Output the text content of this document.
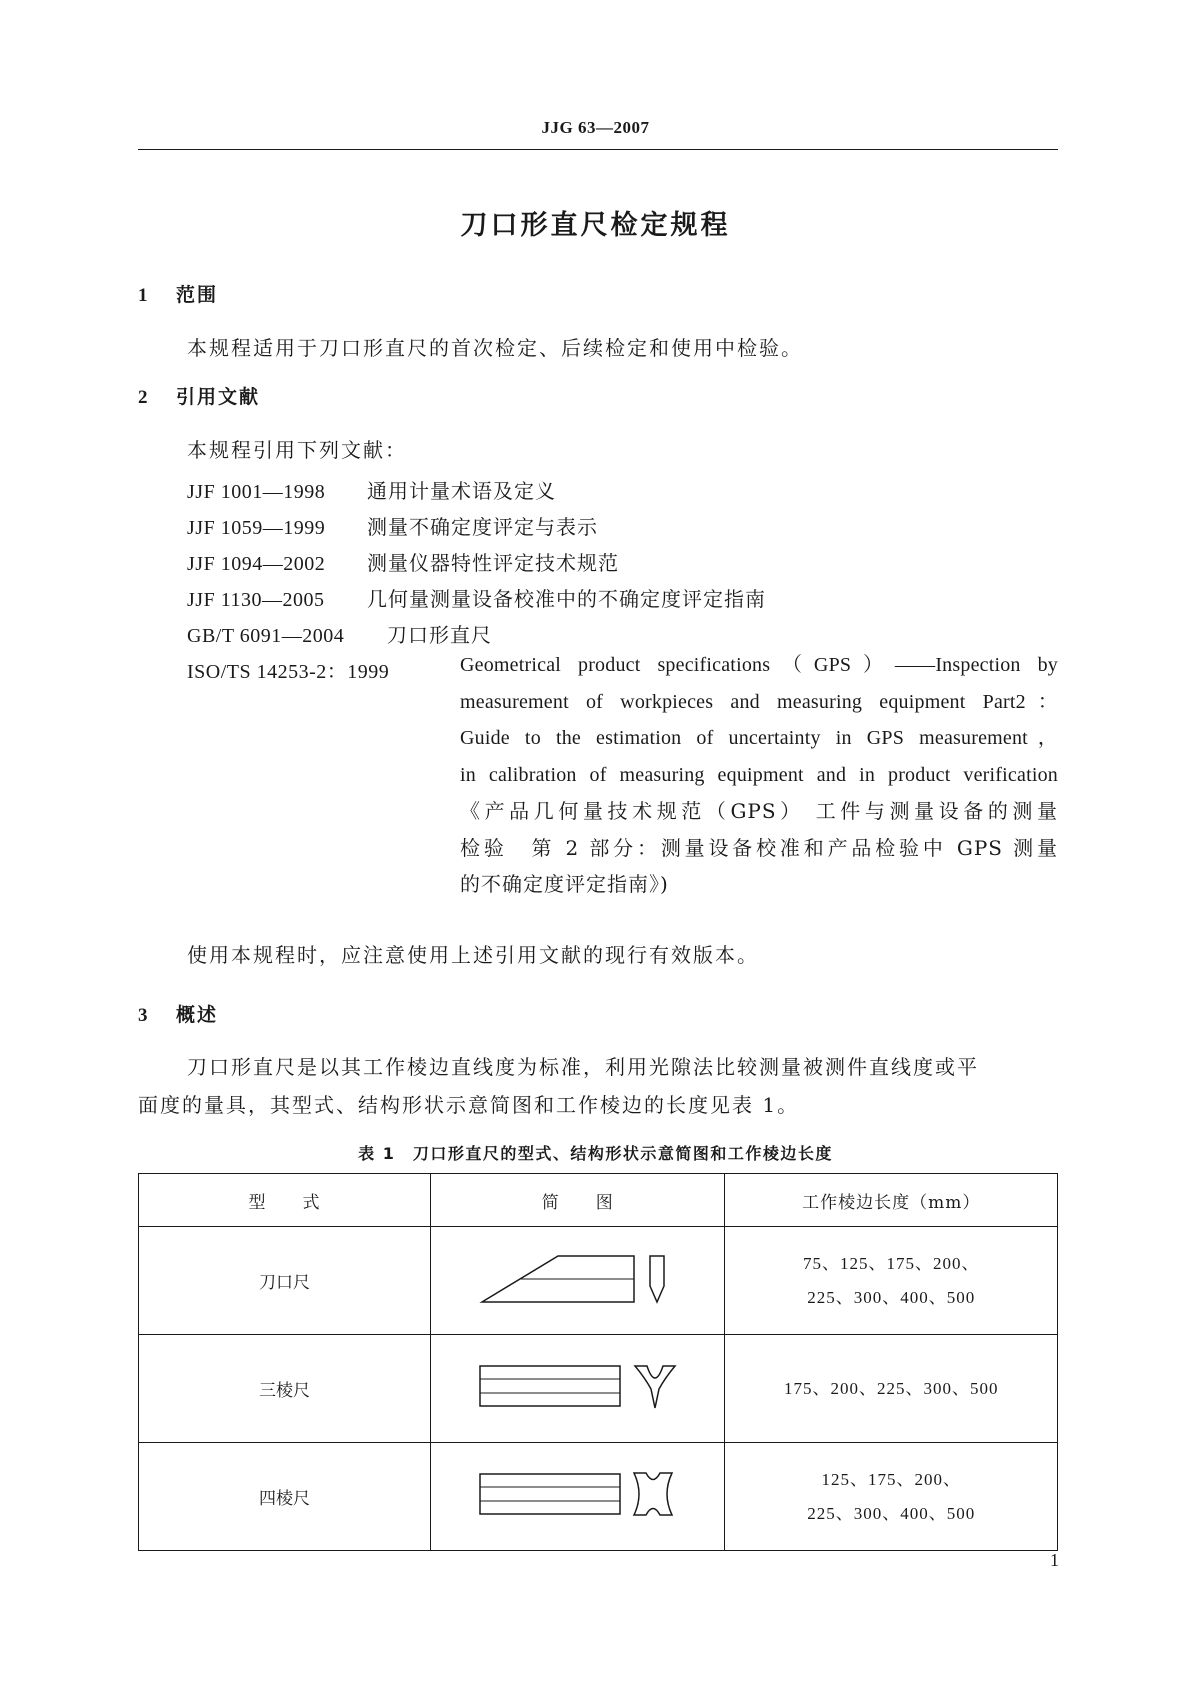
JJG 63—2007
刀口形直尺检定规程
1 范围
本规程适用于刀口形直尺的首次检定、后续检定和使用中检验。
2 引用文献
本规程引用下列文献：
JJF 1001—1998 通用计量术语及定义
JJF 1059—1999 测量不确定度评定与表示
JJF 1094—2002 测量仪器特性评定技术规范
JJF 1130—2005 几何量测量设备校准中的不确定度评定指南
GB/T 6091—2004 刀口形直尺
ISO/TS 14253-2：1999	Geometrical product specifications（GPS）——Inspection by
measurement of workpieces and measuring equipment Part2：
Guide to the estimation of uncertainty in GPS measurement，
in calibration of measuring equipment and in product verification
《产品几何量技术规范（GPS） 工件与测量设备的测量
检验　第 2 部分：测量设备校准和产品检验中 GPS 测量
的不确定度评定指南》)
使用本规程时，应注意使用上述引用文献的现行有效版本。
3 概述
刀口形直尺是以其工作棱边直线度为标准，利用光隙法比较测量被测件直线度或平
面度的量具，其型式、结构形状示意简图和工作棱边的长度见表 1。
表 1　刀口形直尺的型式、结构形状示意简图和工作棱边长度
型　　式	简　　图	工作棱边长度（mm）
刀口尺		75、125、175、200、
225、300、400、500

三棱尺		175、200、225、300、500

四棱尺		125、175、200、
225、300、400、500
1
